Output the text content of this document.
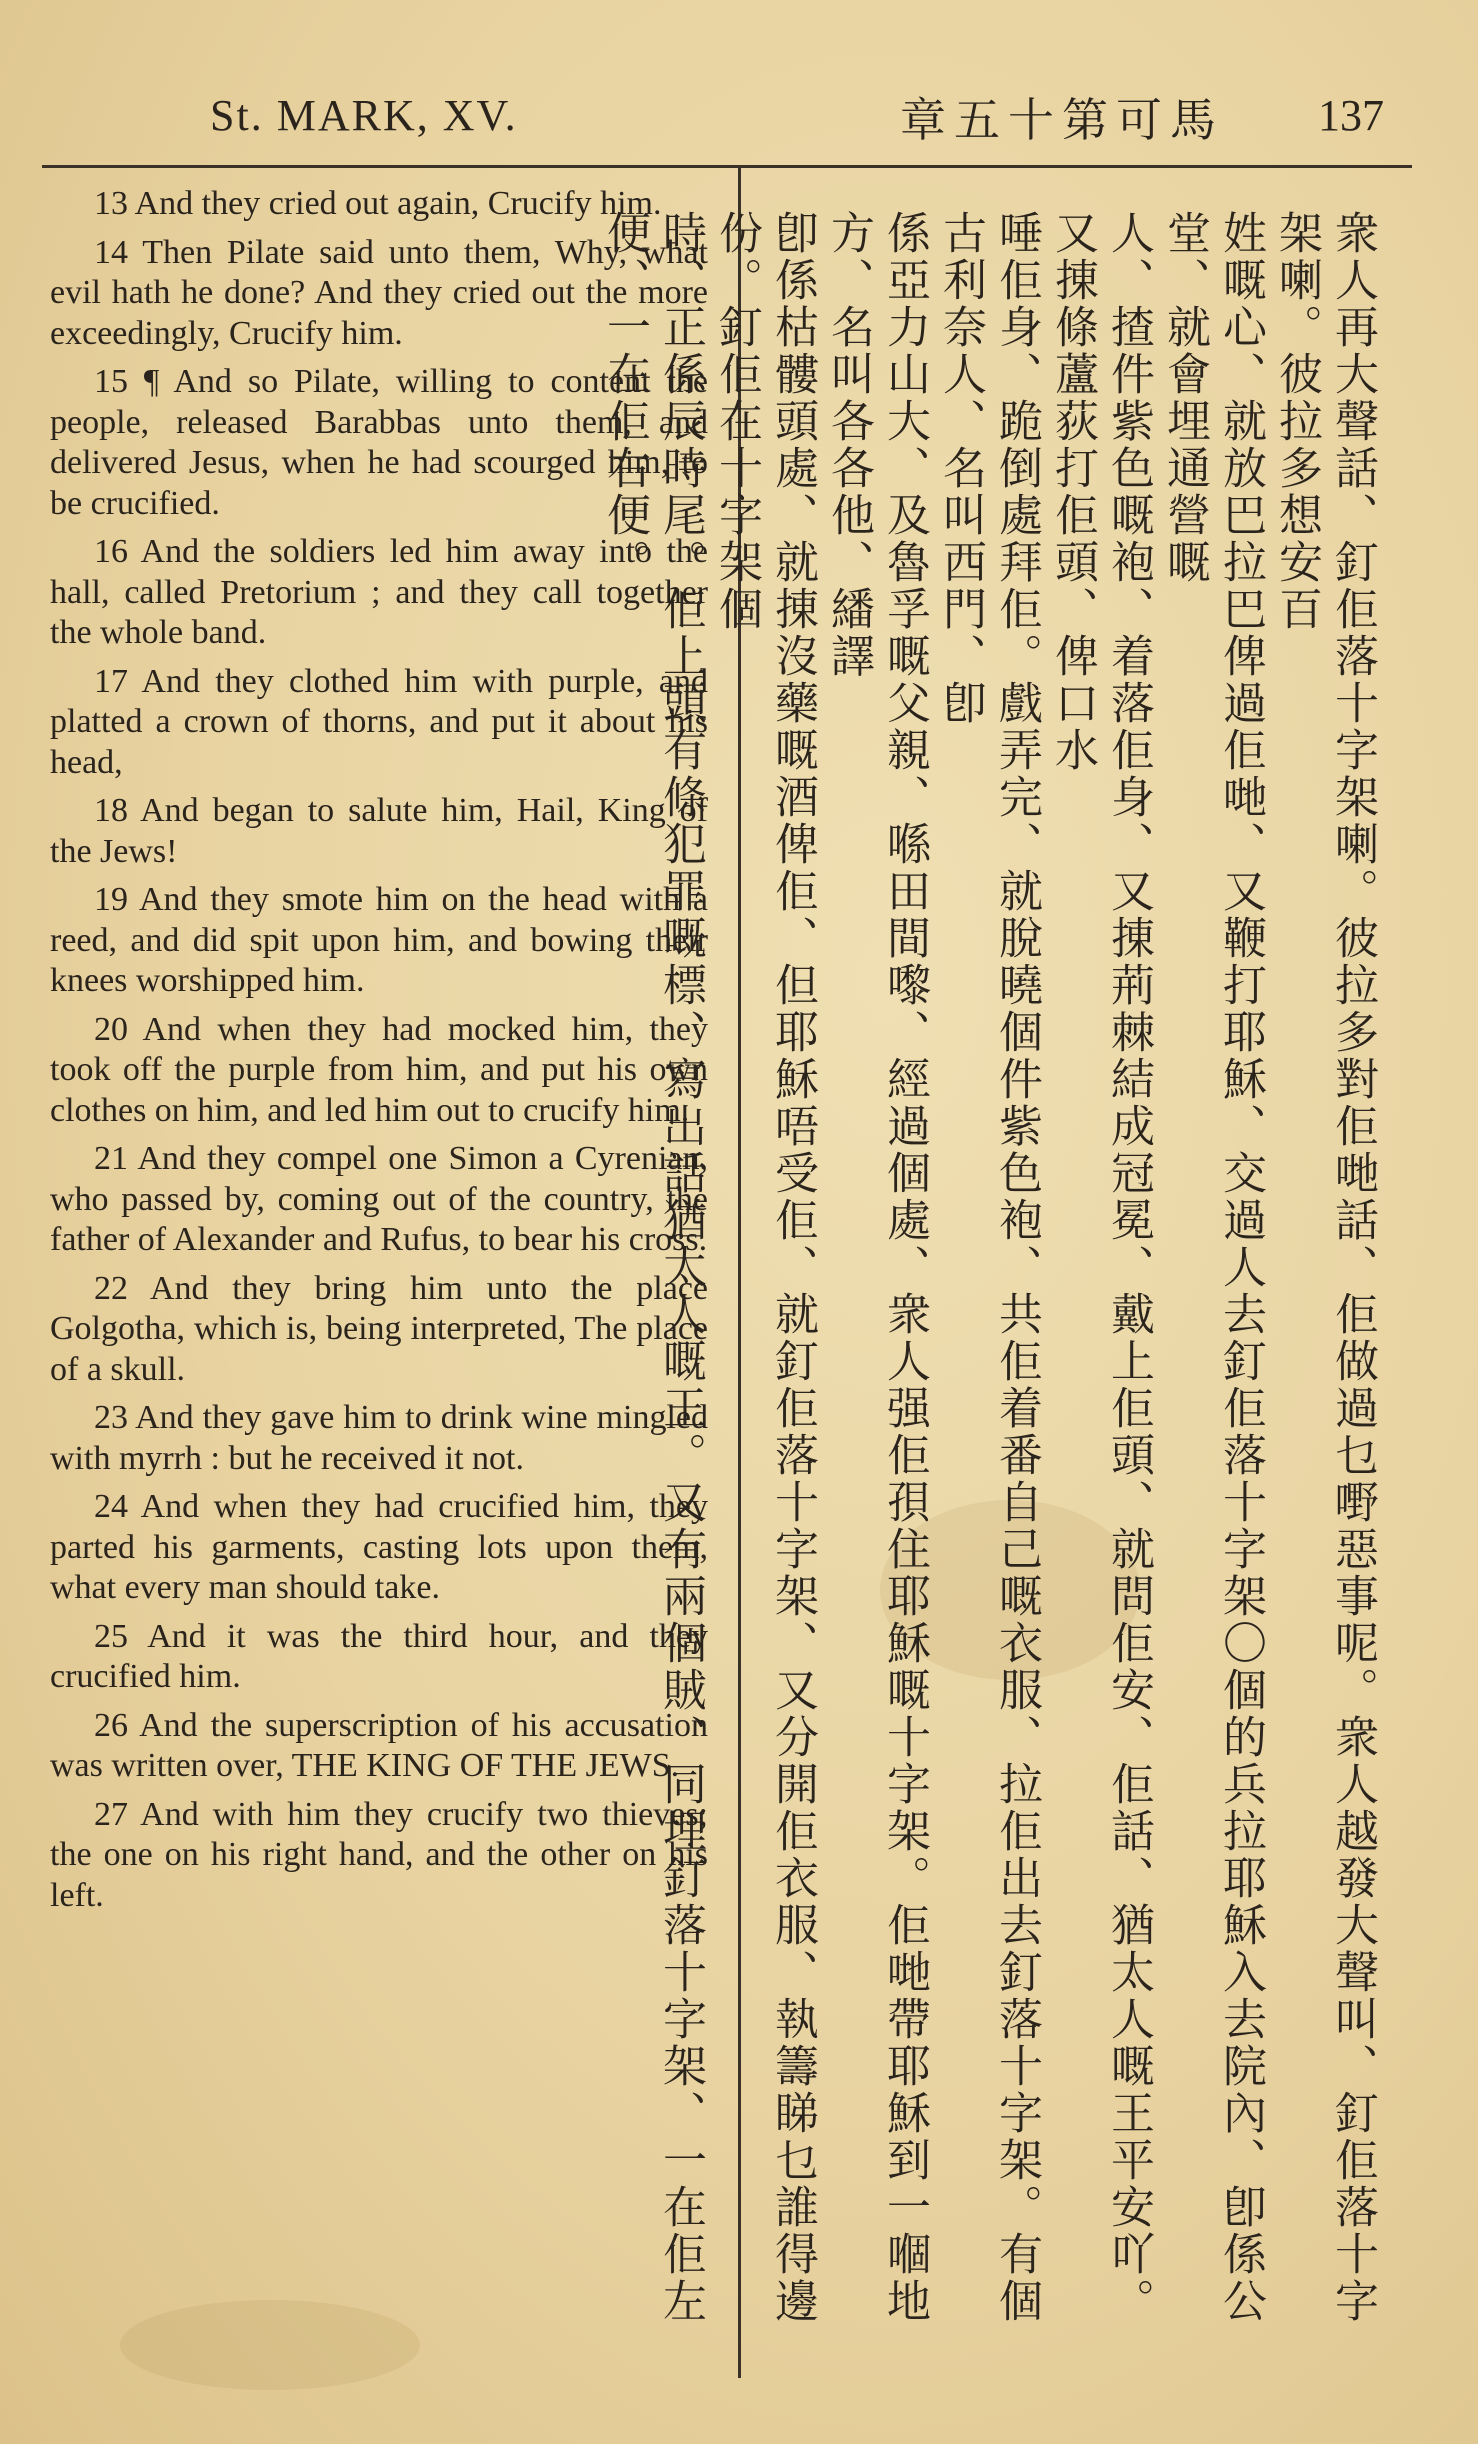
St. MARK, XV.	章五十第可馬 137

13 And they cried out again, Crucify him.

14 Then Pilate said unto them, Why, what evil hath he done? And they cried out the more exceedingly, Crucify him.

15 ¶ And so Pilate, willing to content the people, released Barabbas unto them, and delivered Jesus, when he had scourged him, to be crucified.

16 And the soldiers led him away into the hall, called Pretorium ; and they call together the whole band.

17 And they clothed him with purple, and platted a crown of thorns, and put it about his head,

18 And began to salute him, Hail, King of the Jews!

19 And they smote him on the head with a reed, and did spit upon him, and bowing their knees worshipped him.

20 And when they had mocked him, they took off the purple from him, and put his own clothes on him, and led him out to crucify him.

21 And they compel one Simon a Cyrenian, who passed by, coming out of the country, the father of Alexander and Rufus, to bear his cross.

22 And they bring him unto the place Golgotha, which is, being interpreted, The place of a skull.

23 And they gave him to drink wine mingled with myrrh : but he received it not.

24 And when they had crucified him, they parted his garments, casting lots upon them, what every man should take.

25 And it was the third hour, and they crucified him.

26 And the superscription of his accusation was written over, THE KING OF THE JEWS.

27 And with him they crucify two thieves; the one on his right hand, and the other on his left.	衆人再大聲話、釘佢落十字架喇。彼拉多對佢哋話、佢做過乜嘢惡事呢。衆人越發大聲叫、釘佢落十字架喇。彼拉多想安百
姓嘅心、就放巴拉巴俾過佢哋、又鞭打耶穌、交過人去釘佢落十字架〇個的兵拉耶穌入去院內、卽係公堂、就會埋通營嘅
人、揸件紫色嘅袍、着落佢身、又㨂荊棘結成冠冕、戴上佢頭、就問佢安、佢話、猶太人嘅王平安吖。又㨂條蘆荻打佢頭、俾口水
唾佢身、跪倒處拜佢。戲弄完、就脫曉個件紫色袍、共佢着番自己嘅衣服、拉佢出去釘落十字架。有個古利奈人、名叫西門、卽
係亞力山大、及魯孚嘅父親、喺田間嚟、經過個處、衆人强佢孭住耶穌嘅十字架。佢哋帶耶穌到一嗰地方、名叫各各他、繙譯
卽係枯髏頭處、就㨂沒藥嘅酒俾佢、但耶穌唔受佢、就釘佢落十字架、又分開佢衣服、執籌睇乜誰得邊份。釘佢在十字架個
時、正係辰時尾。佢上頭有條犯罪嘅標、寫出話猶太人嘅王。又有兩個賊、同埋釘落十字架、一在佢左便、一在佢右便。
